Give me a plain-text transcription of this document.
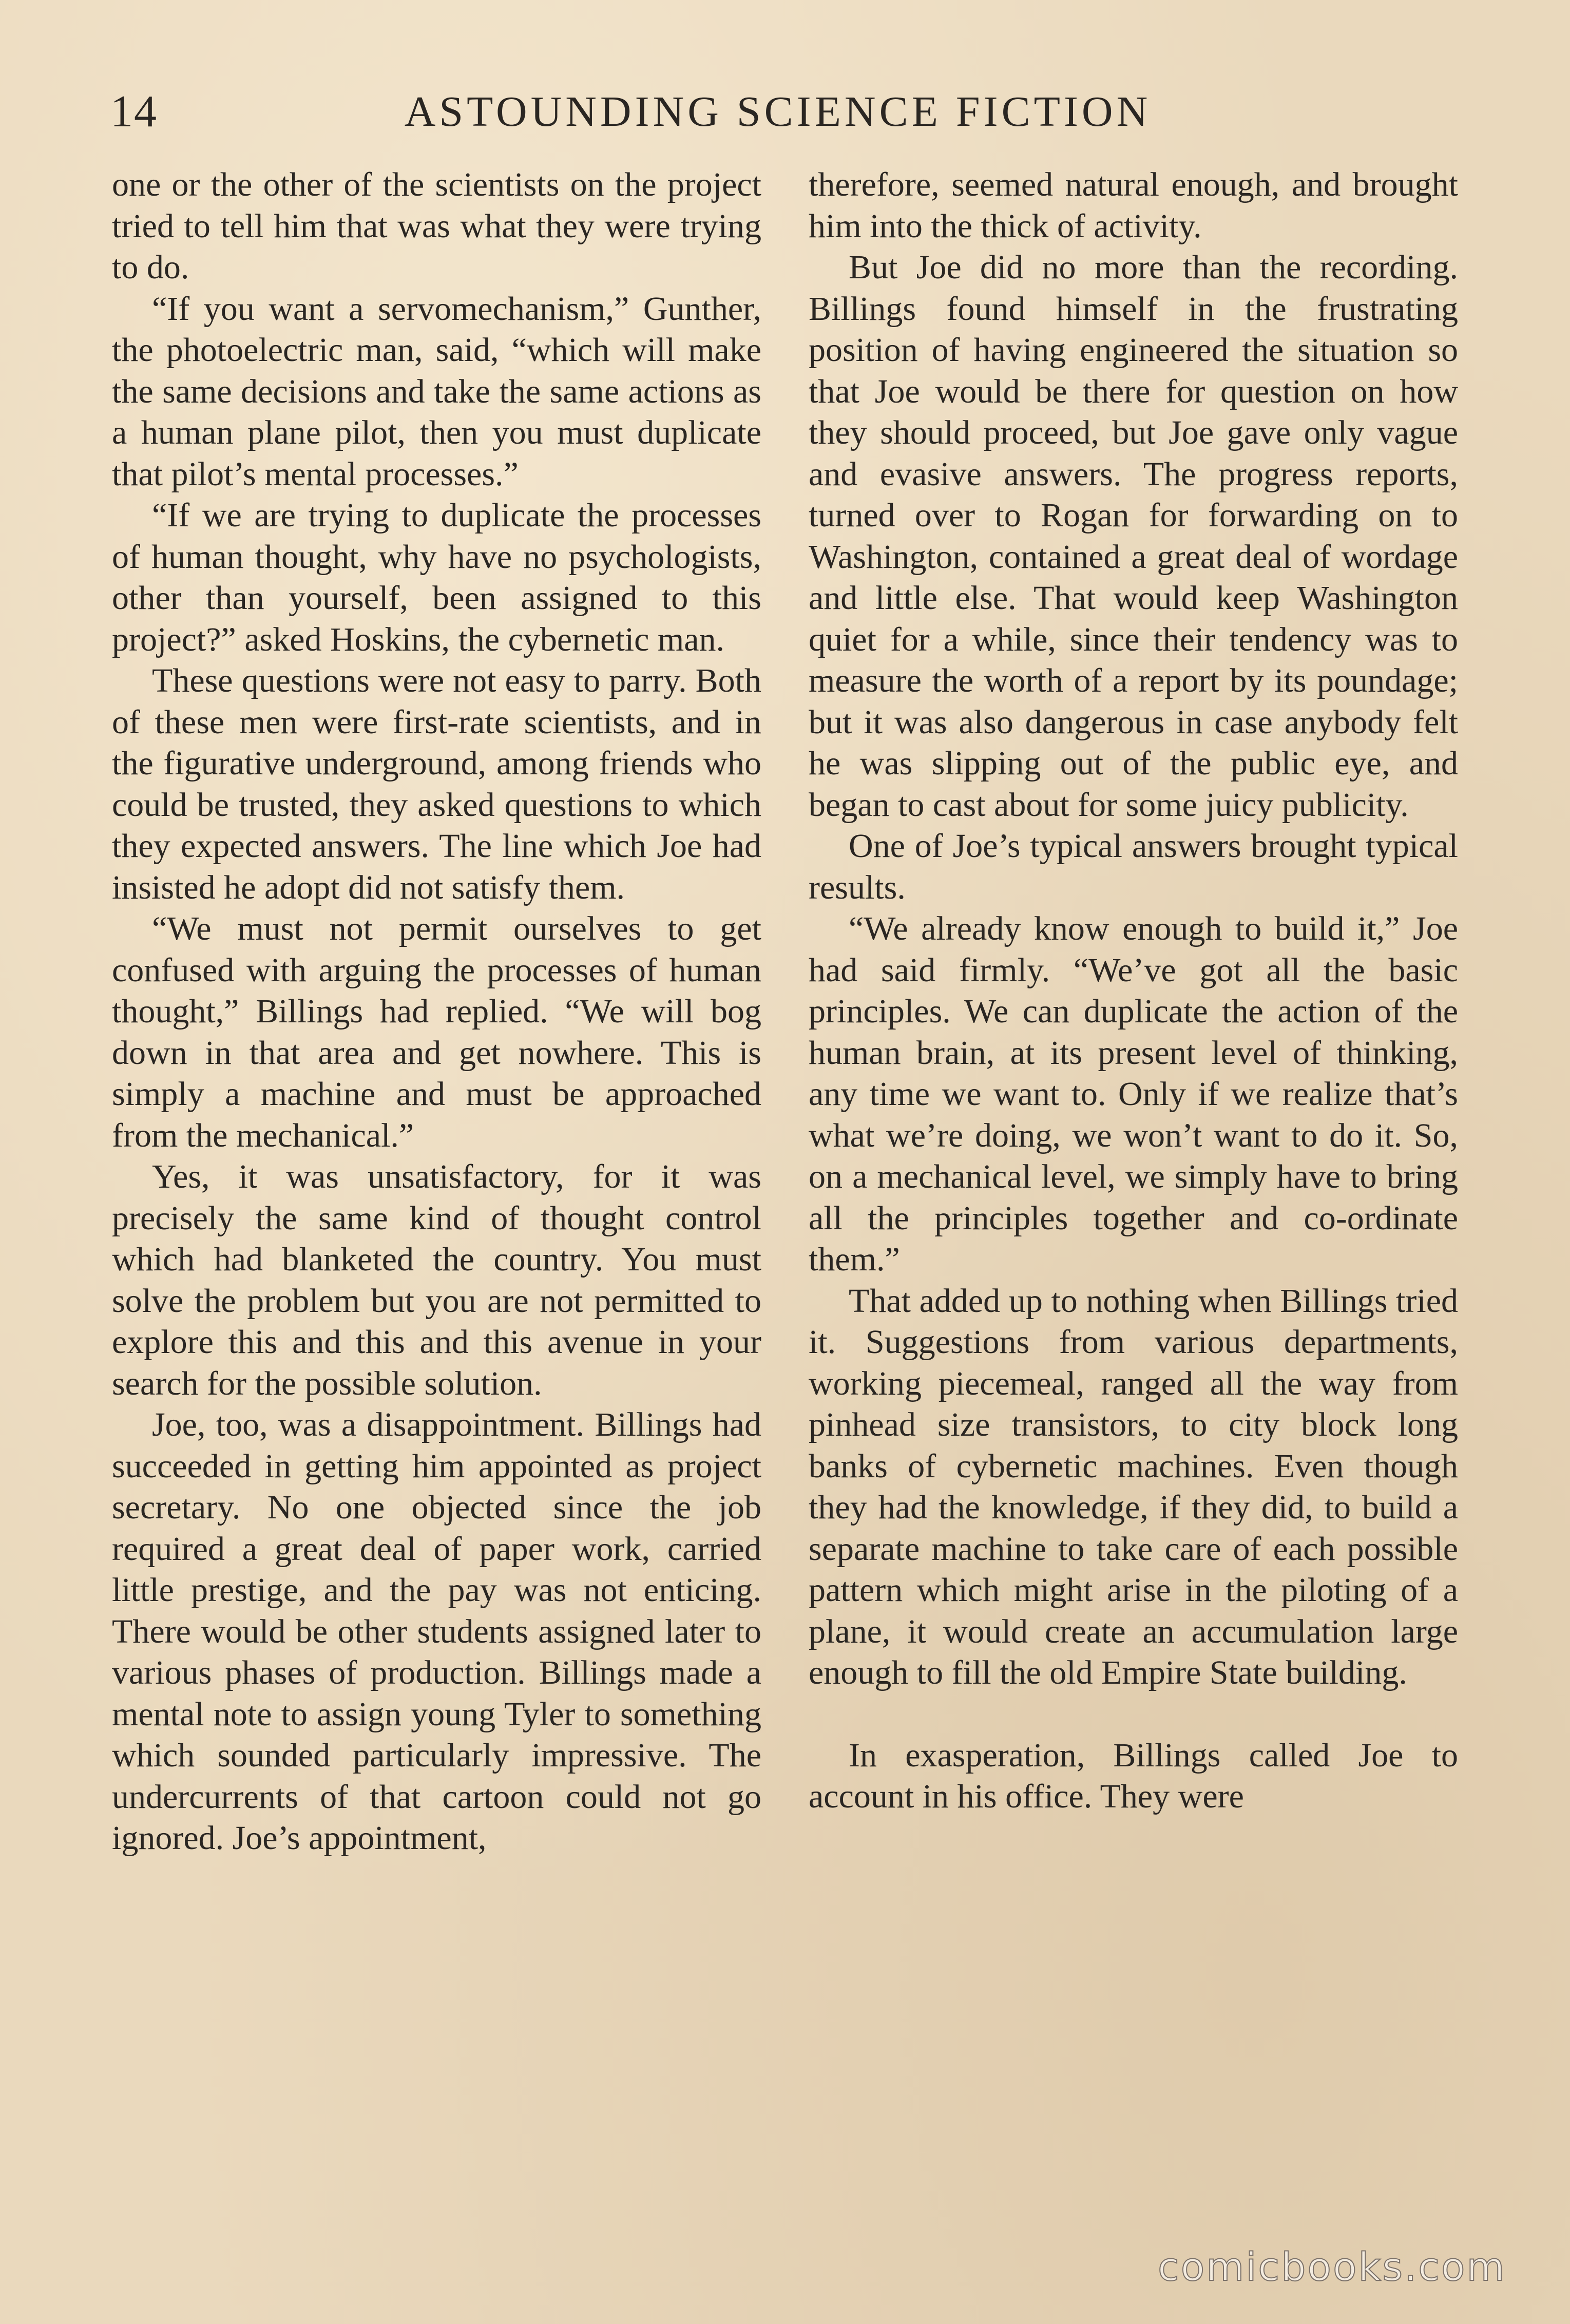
14	ASTOUNDING SCIENCE FICTION

one or the other of the scientists on the project tried to tell him that was what they were trying to do.

“If you want a servomechanism,” Gunther, the photoelectric man, said, “which will make the same decisions and take the same actions as a human plane pilot, then you must duplicate that pilot’s mental processes.”

“If we are trying to duplicate the processes of human thought, why have no psychologists, other than yourself, been assigned to this project?” asked Hoskins, the cybernetic man.

These questions were not easy to parry. Both of these men were first-rate scientists, and in the figurative underground, among friends who could be trusted, they asked questions to which they expected answers. The line which Joe had insisted he adopt did not satisfy them.

“We must not permit ourselves to get confused with arguing the processes of human thought,” Billings had replied. “We will bog down in that area and get nowhere. This is simply a machine and must be approached from the mechanical.”

Yes, it was unsatisfactory, for it was precisely the same kind of thought control which had blanketed the country. You must solve the problem but you are not permitted to explore this and this and this avenue in your search for the possible solution.

Joe, too, was a disappointment. Billings had succeeded in getting him appointed as project secretary. No one objected since the job required a great deal of paper work, carried little prestige, and the pay was not enticing. There would be other students assigned later to various phases of production. Billings made a mental note to assign young Tyler to something which sounded particularly impressive. The undercurrents of that cartoon could not go ignored. Joe’s appointment,

therefore, seemed natural enough, and brought him into the thick of activity.

But Joe did no more than the recording. Billings found himself in the frustrating position of having engineered the situation so that Joe would be there for question on how they should proceed, but Joe gave only vague and evasive answers. The progress reports, turned over to Rogan for forwarding on to Washington, contained a great deal of wordage and little else. That would keep Washington quiet for a while, since their tendency was to measure the worth of a report by its poundage; but it was also dangerous in case anybody felt he was slipping out of the public eye, and began to cast about for some juicy publicity.

One of Joe’s typical answers brought typical results.

“We already know enough to build it,” Joe had said firmly. “We’ve got all the basic principles. We can duplicate the action of the human brain, at its present level of thinking, any time we want to. Only if we realize that’s what we’re doing, we won’t want to do it. So, on a mechanical level, we simply have to bring all the principles together and co-ordinate them.”

That added up to nothing when Billings tried it. Suggestions from various departments, working piecemeal, ranged all the way from pinhead size transistors, to city block long banks of cybernetic machines. Even though they had the knowledge, if they did, to build a separate machine to take care of each possible pattern which might arise in the piloting of a plane, it would create an accumulation large enough to fill the old Empire State building.

In exasperation, Billings called Joe to account in his office. They were

comicbooks.com
